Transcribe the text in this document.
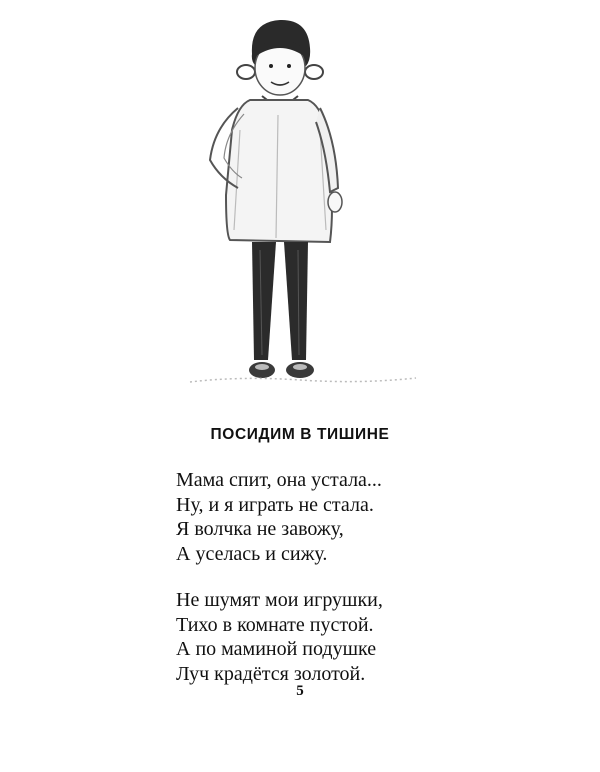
ПОСИДИМ В ТИШИНЕ
Мама спит, она устала...
Ну, и я играть не стала.
Я волчка не завожу,
А уселась и сижу.
Не шумят мои игрушки,
Тихо в комнате пустой.
А по маминой подушке
Луч крадётся золотой.
5
